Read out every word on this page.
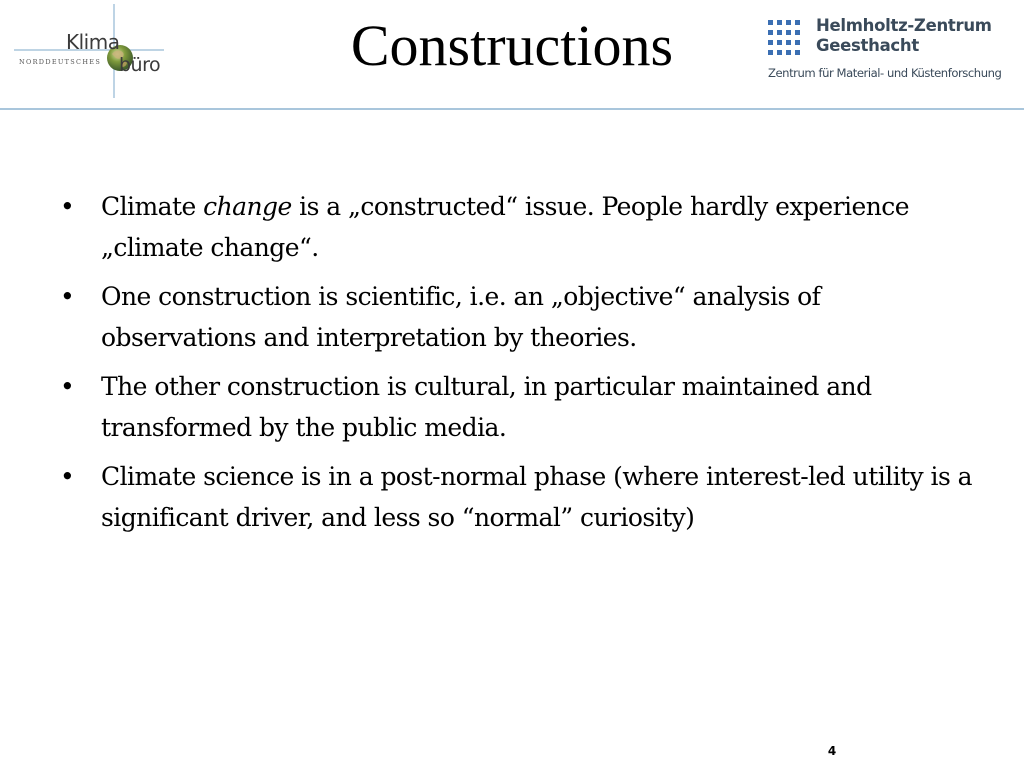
Klima
büro
NORDDEUTSCHES	Constructions	Helmholtz-Zentrum
Geesthacht
Zentrum für Material- und Küstenforschung
• Climate change is a „constructed“ issue. People hardly experience „climate change“.
• One construction is scientific, i.e. an „objective“ analysis of observations and interpretation by theories.
• The other construction is cultural, in particular maintained and transformed by the public media.
• Climate science is in a post-normal phase (where interest-led utility is a significant driver, and less so “normal” curiosity)
4
